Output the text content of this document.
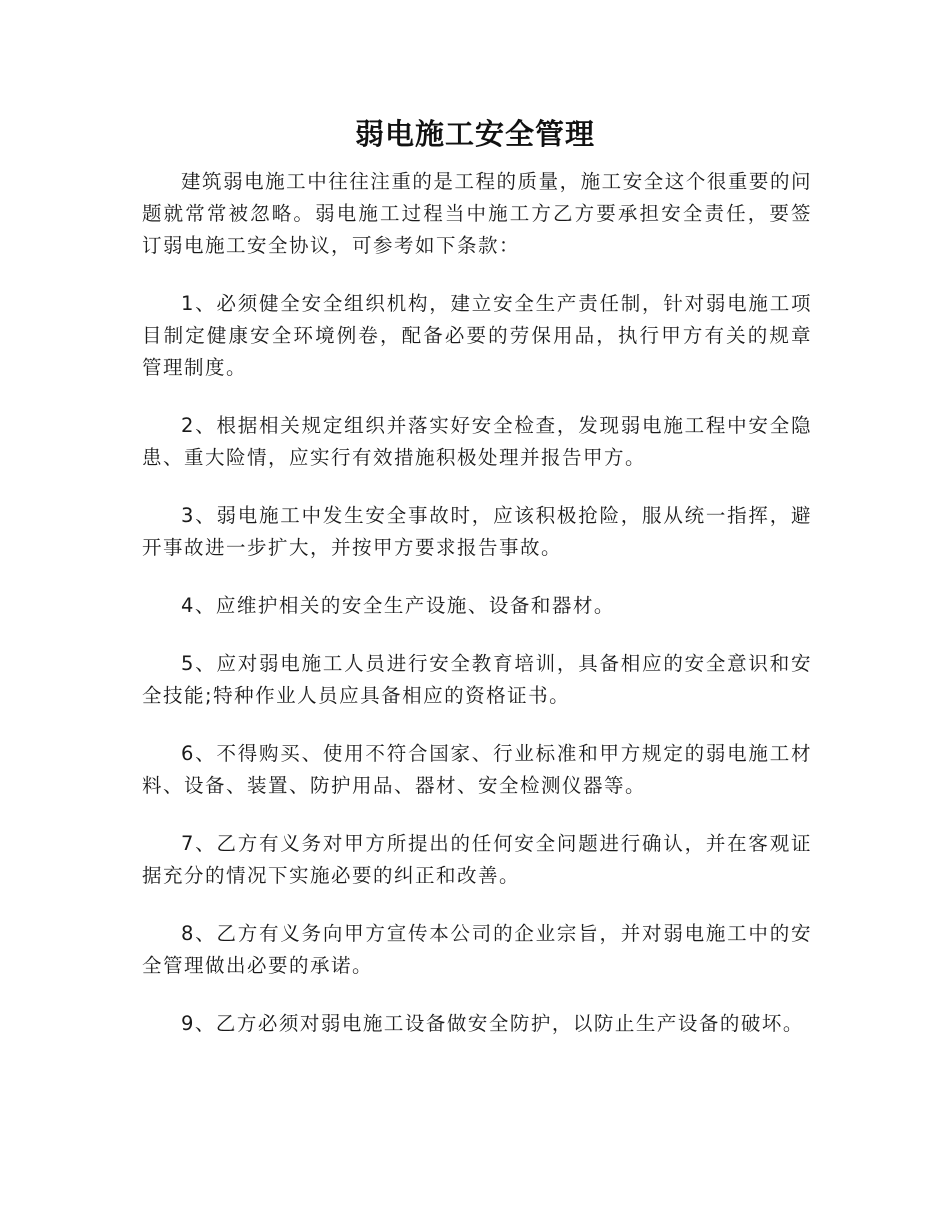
弱电施工安全管理

建筑弱电施工中往往注重的是工程的质量，施工安全这个很重要的问题就常常被忽略。弱电施工过程当中施工方乙方要承担安全责任，要签订弱电施工安全协议，可参考如下条款：

1、必须健全安全组织机构，建立安全生产责任制，针对弱电施工项目制定健康安全环境例卷，配备必要的劳保用品，执行甲方有关的规章管理制度。

2、根据相关规定组织并落实好安全检查，发现弱电施工程中安全隐患、重大险情，应实行有效措施积极处理并报告甲方。

3、弱电施工中发生安全事故时，应该积极抢险，服从统一指挥，避开事故进一步扩大，并按甲方要求报告事故。

4、应维护相关的安全生产设施、设备和器材。

5、应对弱电施工人员进行安全教育培训，具备相应的安全意识和安全技能;特种作业人员应具备相应的资格证书。

6、不得购买、使用不符合国家、行业标准和甲方规定的弱电施工材料、设备、装置、防护用品、器材、安全检测仪器等。

7、乙方有义务对甲方所提出的任何安全问题进行确认，并在客观证据充分的情况下实施必要的纠正和改善。

8、乙方有义务向甲方宣传本公司的企业宗旨，并对弱电施工中的安全管理做出必要的承诺。

9、乙方必须对弱电施工设备做安全防护，以防止生产设备的破坏。
